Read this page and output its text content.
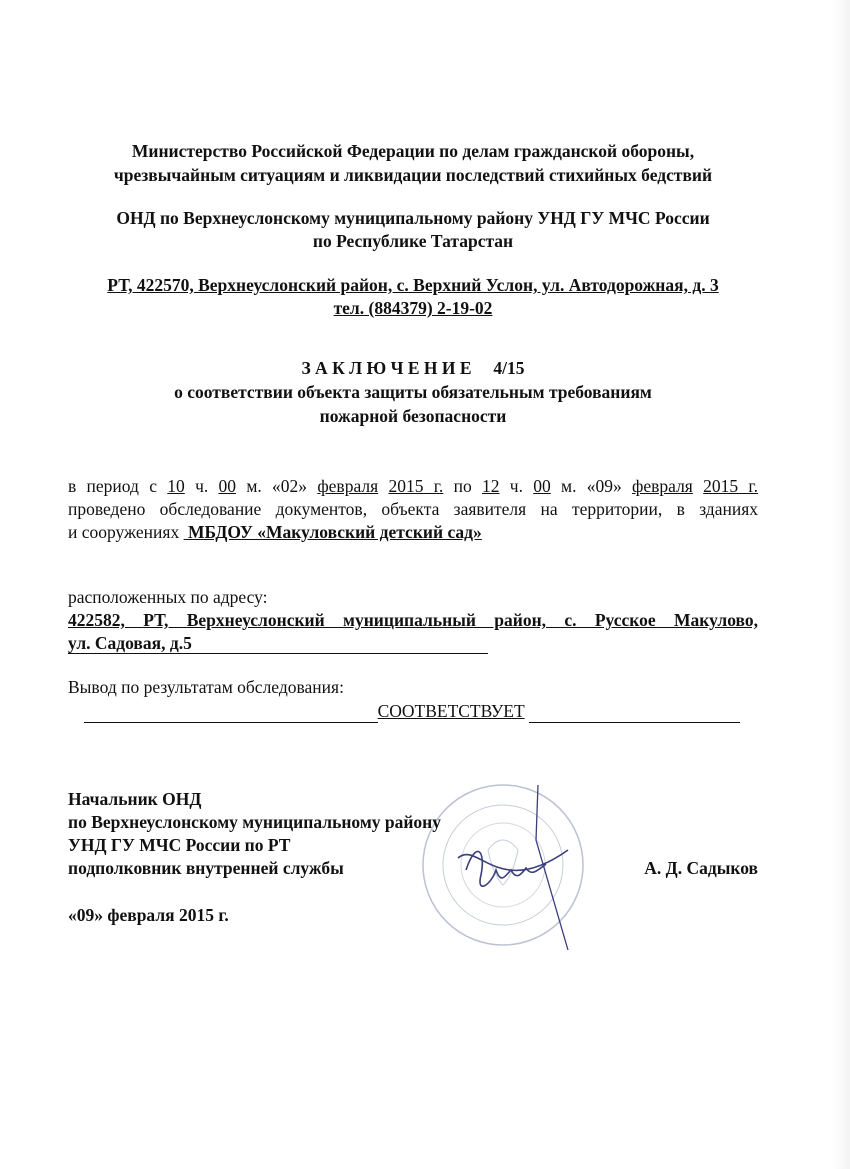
Министерство Российской Федерации по делам гражданской обороны,
чрезвычайным ситуациям и ликвидации последствий стихийных бедствий
ОНД по Верхнеуслонскому муниципальному району УНД ГУ МЧС России
по Республике Татарстан
РТ, 422570, Верхнеуслонский район, с. Верхний Услон, ул. Автодорожная, д. 3
тел. (884379) 2-19-02
З А К Л Ю Ч Е Н И Е 4/15
о соответствии объекта защиты обязательным требованиям
пожарной безопасности
в период с 10 ч. 00 м. «02» февраля 2015 г. по 12 ч. 00 м. «09» февраля 2015 г.
проведено обследование документов, объекта заявителя на территории, в зданиях
и сооружениях МБДОУ «Макуловский детский сад»
расположенных по адресу:
422582, РТ, Верхнеуслонский муниципальный район, с. Русское Макулово,
ул. Садовая, д.5
Вывод по результатам обследования:
СООТВЕТСТВУЕТ
Начальник ОНД
по Верхнеуслонскому муниципальному району
УНД ГУ МЧС России по РТ
подполковник внутренней службы	А. Д. Садыков
«09» февраля 2015 г.
